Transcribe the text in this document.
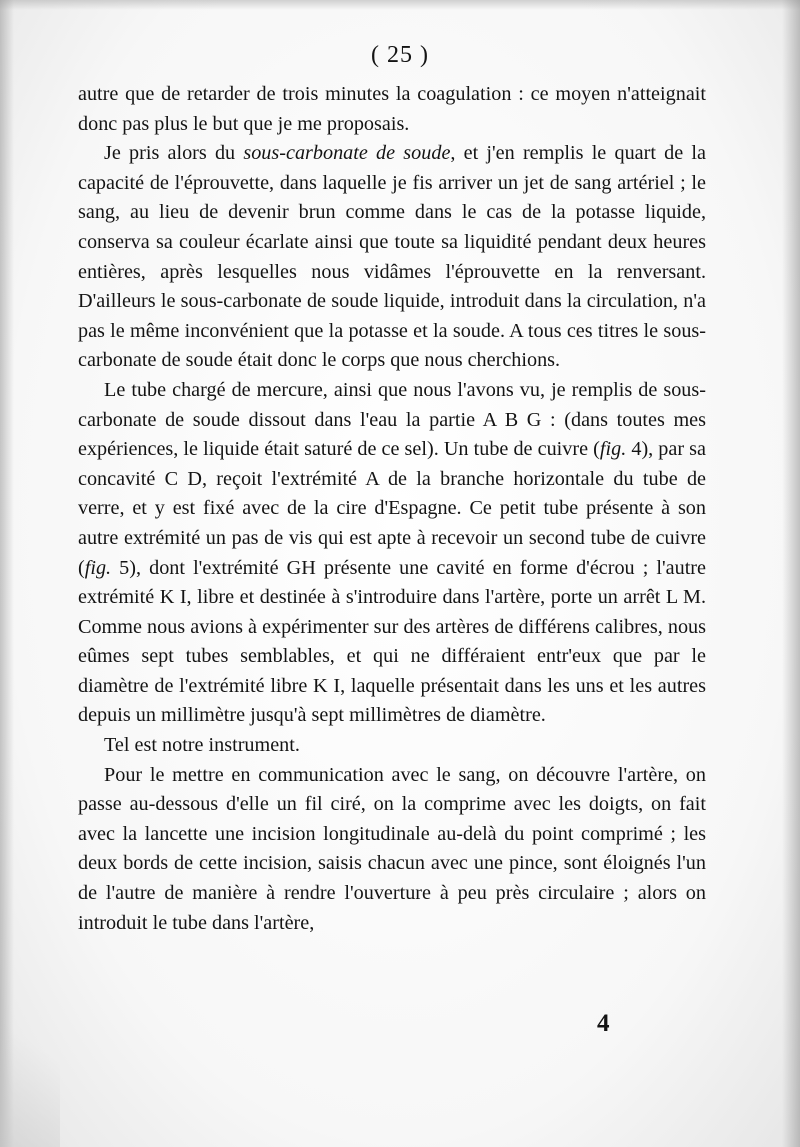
( 25 )

autre que de retarder de trois minutes la coagulation : ce moyen n'atteignait donc pas plus le but que je me proposais.

Je pris alors du sous-carbonate de soude, et j'en remplis le quart de la capacité de l'éprouvette, dans laquelle je fis arriver un jet de sang artériel ; le sang, au lieu de devenir brun comme dans le cas de la potasse liquide, conserva sa couleur écarlate ainsi que toute sa liquidité pendant deux heures entières, après lesquelles nous vidâmes l'éprouvette en la renversant. D'ailleurs le sous-carbonate de soude liquide, introduit dans la circulation, n'a pas le même inconvénient que la potasse et la soude. A tous ces titres le sous-carbonate de soude était donc le corps que nous cherchions.

Le tube chargé de mercure, ainsi que nous l'avons vu, je remplis de sous-carbonate de soude dissout dans l'eau la partie A B G : (dans toutes mes expériences, le liquide était saturé de ce sel). Un tube de cuivre (fig. 4), par sa concavité C D, reçoit l'extrémité A de la branche horizontale du tube de verre, et y est fixé avec de la cire d'Espagne. Ce petit tube présente à son autre extrémité un pas de vis qui est apte à recevoir un second tube de cuivre (fig. 5), dont l'extrémité GH présente une cavité en forme d'écrou ; l'autre extrémité K I, libre et destinée à s'introduire dans l'artère, porte un arrêt L M. Comme nous avions à expérimenter sur des artères de différens calibres, nous eûmes sept tubes semblables, et qui ne différaient entr'eux que par le diamètre de l'extrémité libre K I, laquelle présentait dans les uns et les autres depuis un millimètre jusqu'à sept millimètres de diamètre.

Tel est notre instrument.

Pour le mettre en communication avec le sang, on découvre l'artère, on passe au-dessous d'elle un fil ciré, on la comprime avec les doigts, on fait avec la lancette une incision longitudinale au-delà du point comprimé ; les deux bords de cette incision, saisis chacun avec une pince, sont éloignés l'un de l'autre de manière à rendre l'ouverture à peu près circulaire ; alors on introduit le tube dans l'artère,

4
